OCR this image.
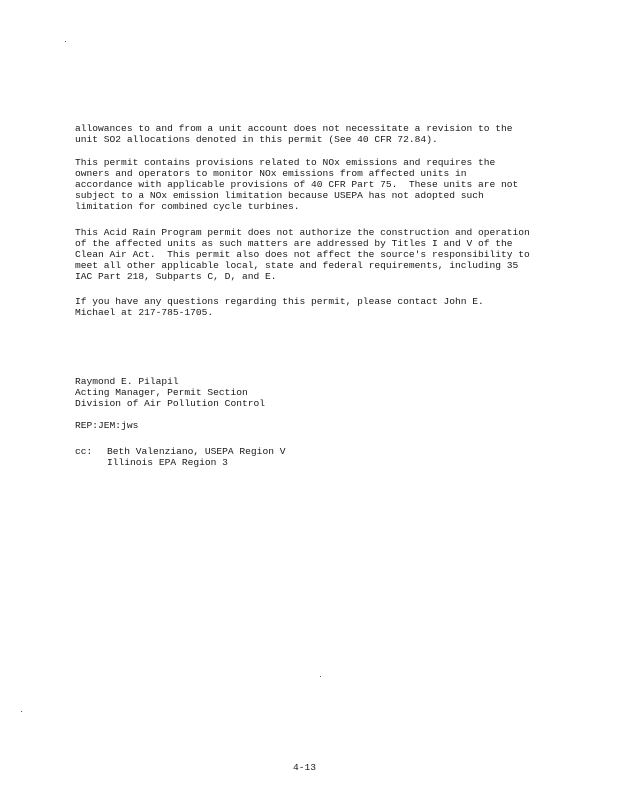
allowances to and from a unit account does not necessitate a revision to the
unit SO2 allocations denoted in this permit (See 40 CFR 72.84).
This permit contains provisions related to NOx emissions and requires the
owners and operators to monitor NOx emissions from affected units in
accordance with applicable provisions of 40 CFR Part 75.  These units are not
subject to a NOx emission limitation because USEPA has not adopted such
limitation for combined cycle turbines.
This Acid Rain Program permit does not authorize the construction and operation
of the affected units as such matters are addressed by Titles I and V of the
Clean Air Act.  This permit also does not affect the source's responsibility to
meet all other applicable local, state and federal requirements, including 35
IAC Part 218, Subparts C, D, and E.
If you have any questions regarding this permit, please contact John E.
Michael at 217-785-1705.
Raymond E. Pilapil
Acting Manager, Permit Section
Division of Air Pollution Control
REP:JEM:jws
cc: Beth Valenziano, USEPA Region V
Illinois EPA Region 3
4-13
